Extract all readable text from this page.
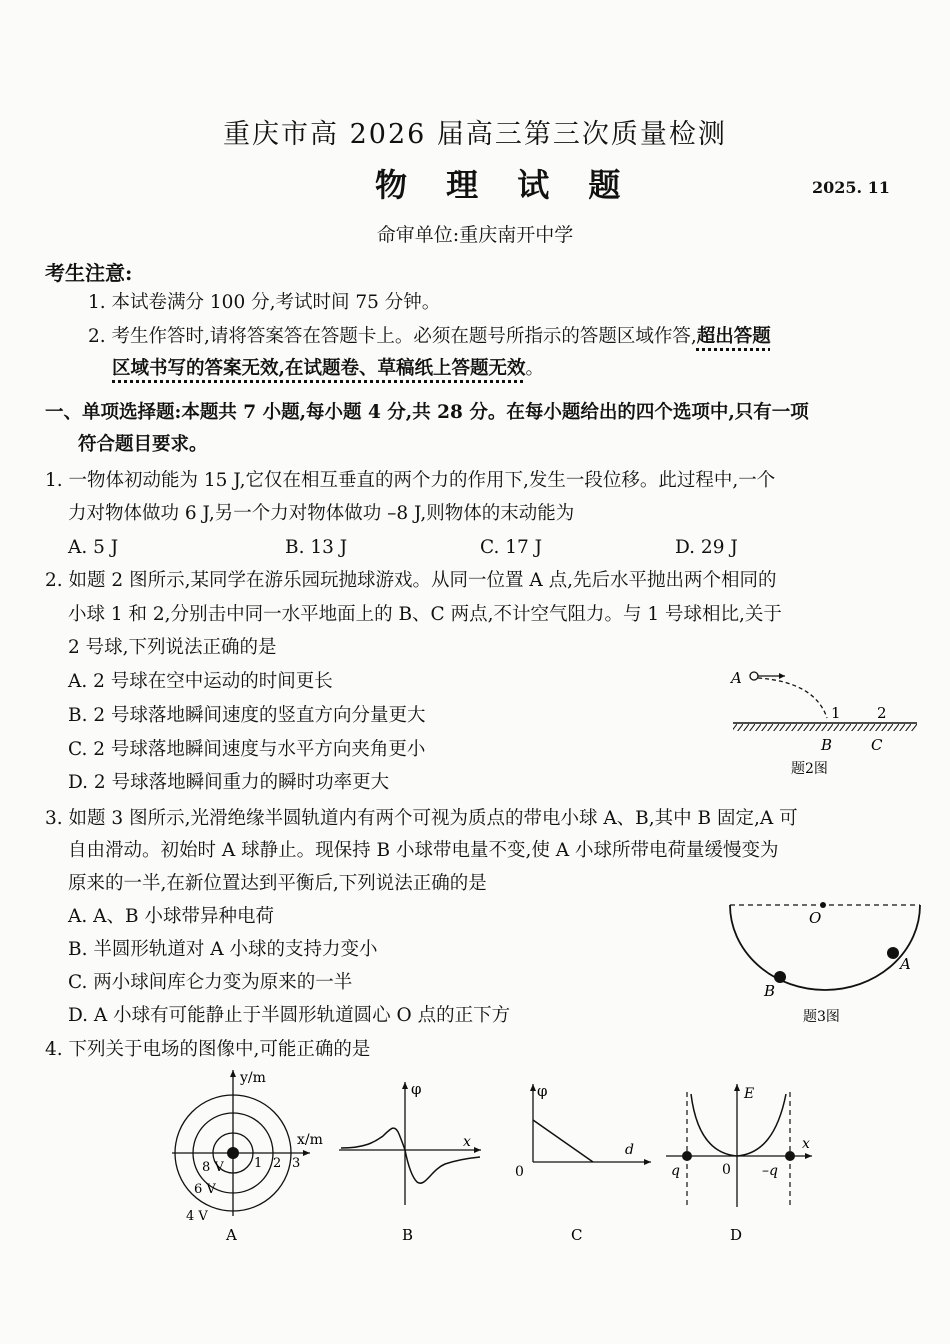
重庆市高 2026 届高三第三次质量检测
物 理 试 题	2025. 11
命审单位:重庆南开中学
考生注意:
1. 本试卷满分 100 分,考试时间 75 分钟。
2. 考生作答时,请将答案答在答题卡上。必须在题号所指示的答题区域作答,超出答题
区域书写的答案无效,在试题卷、草稿纸上答题无效。
一、单项选择题:本题共 7 小题,每小题 4 分,共 28 分。在每小题给出的四个选项中,只有一项
符合题目要求。
1. 一物体初动能为 15 J,它仅在相互垂直的两个力的作用下,发生一段位移。此过程中,一个
力对物体做功 6 J,另一个力对物体做功 –8 J,则物体的末动能为
A. 5 J	B. 13 J	C. 17 J	D. 29 J
2. 如题 2 图所示,某同学在游乐园玩抛球游戏。从同一位置 A 点,先后水平抛出两个相同的
小球 1 和 2,分别击中同一水平地面上的 B、C 两点,不计空气阻力。与 1 号球相比,关于
2 号球,下列说法正确的是
A. 2 号球在空中运动的时间更长
B. 2 号球落地瞬间速度的竖直方向分量更大
C. 2 号球落地瞬间速度与水平方向夹角更小
D. 2 号球落地瞬间重力的瞬时功率更大
A
1 2
B	C
题2图
3. 如题 3 图所示,光滑绝缘半圆轨道内有两个可视为质点的带电小球 A、B,其中 B 固定,A 可
自由滑动。初始时 A 球静止。现保持 B 小球带电量不变,使 A 小球所带电荷量缓慢变为
原来的一半,在新位置达到平衡后,下列说法正确的是
A. A、B 小球带异种电荷
B. 半圆形轨道对 A 小球的支持力变小
C. 两小球间库仑力变为原来的一半
D. A 小球有可能静止于半圆形轨道圆心 O 点的正下方
O
A
B
题3图
4. 下列关于电场的图像中,可能正确的是
y/m
x/m
1 2 3
8 V
6 V
4 V
A
φ
x
B
φ
d
0
C
E
x
0
q	–q
D
